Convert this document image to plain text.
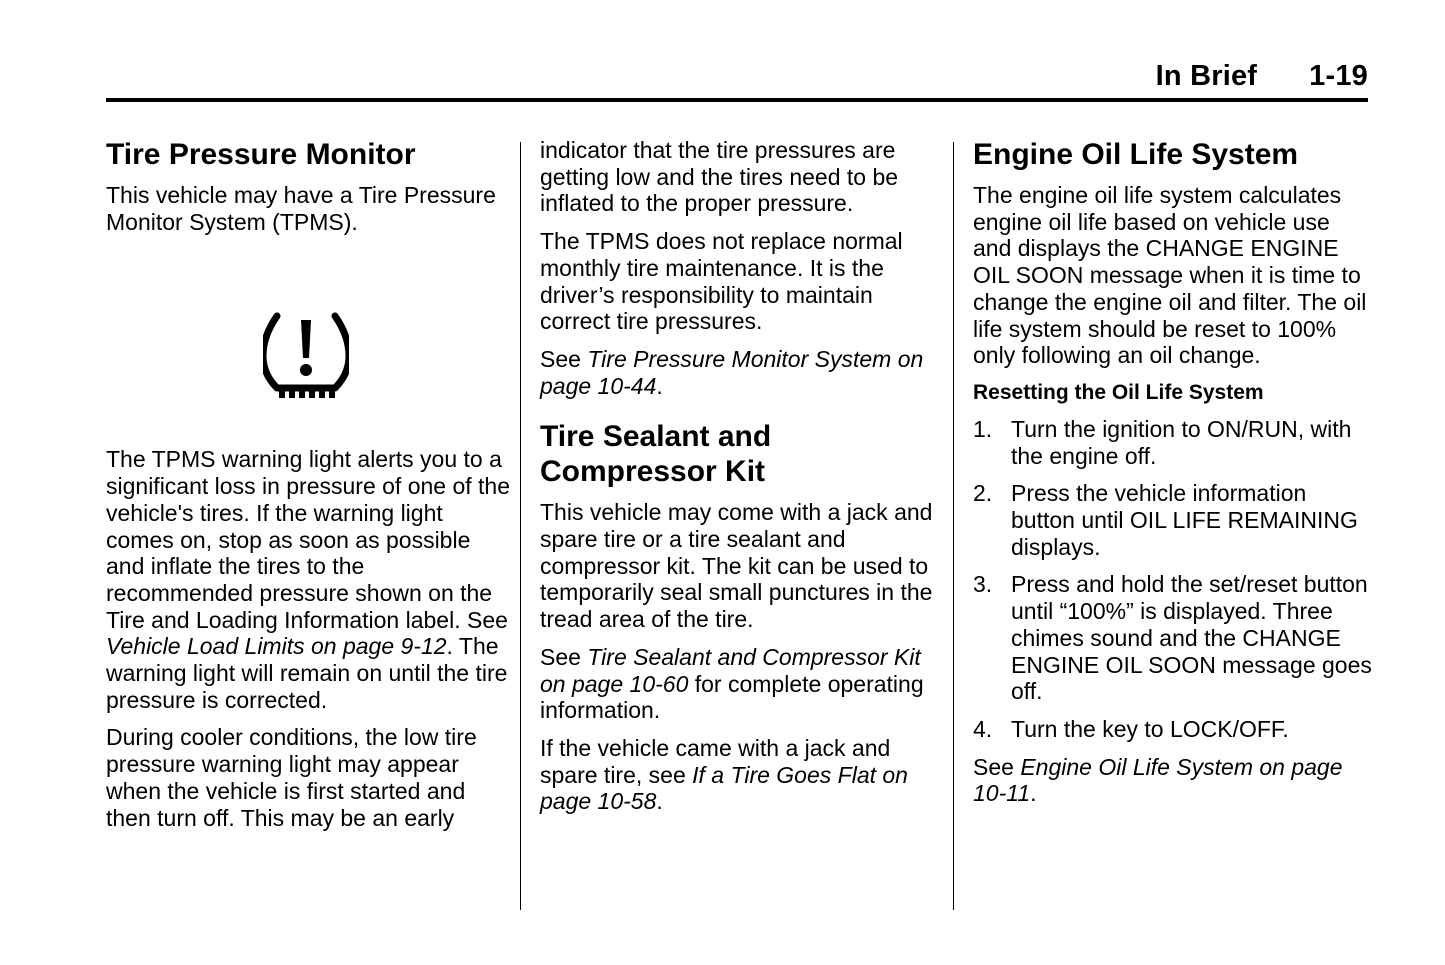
In Brief 1-19
Tire Pressure Monitor

This vehicle may have a Tire Pressure Monitor System (TPMS).

The TPMS warning light alerts you to a significant loss in pressure of one of the vehicle's tires. If the warning light comes on, stop as soon as possible and inflate the tires to the recommended pressure shown on the Tire and Loading Information label. See Vehicle Load Limits on page 9-12. The warning light will remain on until the tire pressure is corrected.

During cooler conditions, the low tire pressure warning light may appear when the vehicle is first started and then turn off. This may be an early

indicator that the tire pressures are getting low and the tires need to be inflated to the proper pressure.

The TPMS does not replace normal monthly tire maintenance. It is the driver’s responsibility to maintain correct tire pressures.

See Tire Pressure Monitor System on page 10-44.

Tire Sealant and
Compressor Kit

This vehicle may come with a jack and spare tire or a tire sealant and compressor kit. The kit can be used to temporarily seal small punctures in the tread area of the tire.

See Tire Sealant and Compressor Kit on page 10-60 for complete operating information.

If the vehicle came with a jack and spare tire, see If a Tire Goes Flat on page 10-58.

Engine Oil Life System

The engine oil life system calculates engine oil life based on vehicle use and displays the CHANGE ENGINE OIL SOON message when it is time to change the engine oil and filter. The oil life system should be reset to 100% only following an oil change.

Resetting the Oil Life System
1. Turn the ignition to ON/RUN, with the engine off.
2. Press the vehicle information button until OIL LIFE REMAINING displays.
3. Press and hold the set/reset button until “100%” is displayed. Three chimes sound and the CHANGE ENGINE OIL SOON message goes off.
4. Turn the key to LOCK/OFF.

See Engine Oil Life System on page 10-11.
